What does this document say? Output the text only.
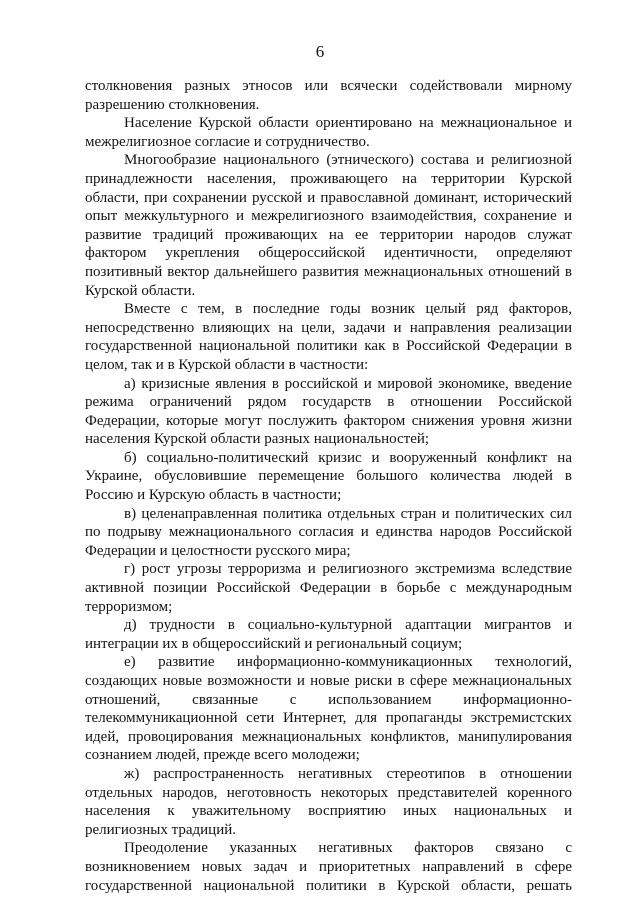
6

столкновения разных этносов или всячески содействовали мирному разрешению столкновения.

Население Курской области ориентировано на межнациональное и межрелигиозное согласие и сотрудничество.

Многообразие национального (этнического) состава и религиозной принадлежности населения, проживающего на территории Курской области, при сохранении русской и православной доминант, исторический опыт межкультурного и межрелигиозного взаимодействия, сохранение и развитие традиций проживающих на ее территории народов служат фактором укрепления общероссийской идентичности, определяют позитивный вектор дальнейшего развития межнациональных отношений в Курской области.

Вместе с тем, в последние годы возник целый ряд факторов, непосредственно влияющих на цели, задачи и направления реализации государственной национальной политики как в Российской Федерации в целом, так и в Курской области в частности:

а) кризисные явления в российской и мировой экономике, введение режима ограничений рядом государств в отношении Российской Федерации, которые могут послужить фактором снижения уровня жизни населения Курской области разных национальностей;

б) социально-политический кризис и вооруженный конфликт на Украине, обусловившие перемещение большого количества людей в Россию и Курскую область в частности;

в) целенаправленная политика отдельных стран и политических сил по подрыву межнационального согласия и единства народов Российской Федерации и целостности русского мира;

г) рост угрозы терроризма и религиозного экстремизма вследствие активной позиции Российской Федерации в борьбе с международным терроризмом;

д) трудности в социально-культурной адаптации мигрантов и интеграции их в общероссийский и региональный социум;

е) развитие информационно-коммуникационных технологий, создающих новые возможности и новые риски в сфере межнациональных отношений, связанные с использованием информационно-телекоммуникационной сети Интернет, для пропаганды экстремистских идей, провоцирования межнациональных конфликтов, манипулирования сознанием людей, прежде всего молодежи;

ж) распространенность негативных стереотипов в отношении отдельных народов, неготовность некоторых представителей коренного населения к уважительному восприятию иных национальных и религиозных традиций.

Преодоление указанных негативных факторов связано с возникновением новых задач и приоритетных направлений в сфере государственной национальной политики в Курской области, решать
